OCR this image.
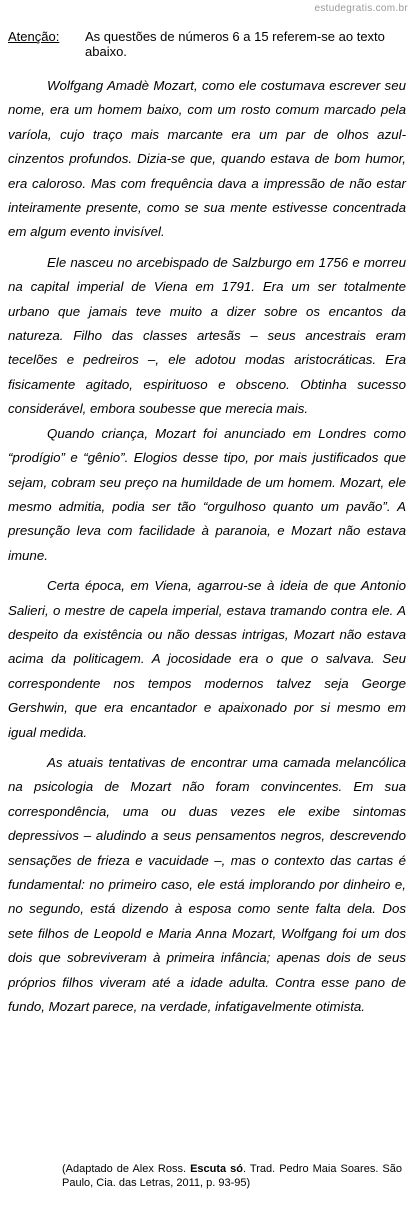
estudegratis.com.br
Atenção: As questões de números 6 a 15 referem-se ao texto abaixo.

Wolfgang Amadè Mozart, como ele costumava escrever seu nome, era um homem baixo, com um rosto comum marcado pela varíola, cujo traço mais marcante era um par de olhos azul-cinzentos profundos. Dizia-se que, quando estava de bom humor, era caloroso. Mas com frequência dava a impressão de não estar inteiramente presente, como se sua mente estivesse concentrada em algum evento invisível.

Ele nasceu no arcebispado de Salzburgo em 1756 e morreu na capital imperial de Viena em 1791. Era um ser totalmente urbano que jamais teve muito a dizer sobre os encantos da natureza. Filho das classes artesãs – seus ancestrais eram tecelões e pedreiros –, ele adotou modas aristocráticas. Era fisicamente agitado, espirituoso e obsceno. Obtinha sucesso considerável, embora soubesse que merecia mais.

Quando criança, Mozart foi anunciado em Londres como “prodígio” e “gênio”. Elogios desse tipo, por mais justificados que sejam, cobram seu preço na humildade de um homem. Mozart, ele mesmo admitia, podia ser tão “orgulhoso quanto um pavão”. A presunção leva com facilidade à paranoia, e Mozart não estava imune.

Certa época, em Viena, agarrou-se à ideia de que Antonio Salieri, o mestre de capela imperial, estava tramando contra ele. A despeito da existência ou não dessas intrigas, Mozart não estava acima da politicagem. A jocosidade era o que o salvava. Seu correspondente nos tempos modernos talvez seja George Gershwin, que era encantador e apaixonado por si mesmo em igual medida.

As atuais tentativas de encontrar uma camada melancólica na psicologia de Mozart não foram convincentes. Em sua correspondência, uma ou duas vezes ele exibe sintomas depressivos – aludindo a seus pensamentos negros, descrevendo sensações de frieza e vacuidade –, mas o contexto das cartas é fundamental: no primeiro caso, ele está implorando por dinheiro e, no segundo, está dizendo à esposa como sente falta dela. Dos sete filhos de Leopold e Maria Anna Mozart, Wolfgang foi um dos dois que sobreviveram à primeira infância; apenas dois de seus próprios filhos viveram até a idade adulta. Contra esse pano de fundo, Mozart parece, na verdade, infatigavelmente otimista.

(Adaptado de Alex Ross. Escuta só. Trad. Pedro Maia Soares. São Paulo, Cia. das Letras, 2011, p. 93-95)
